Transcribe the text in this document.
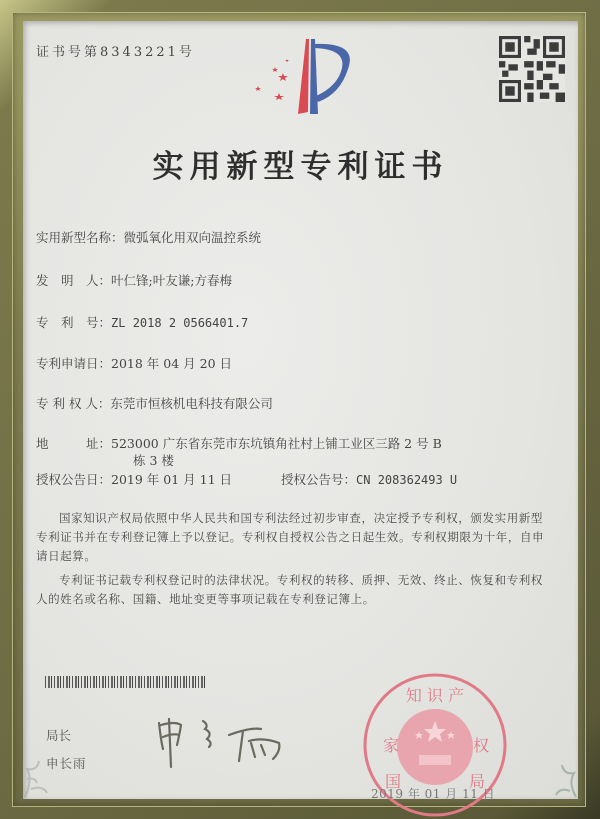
证书号第8343221号
实用新型专利证书
实用新型名称：微弧氧化用双向温控系统
发　明　人：叶仁锋;叶友谦;方春梅
专　利　号：ZL 2018 2 0566401.7
专利申请日：2018 年 04 月 20 日
专 利 权 人：东莞市恒核机电科技有限公司
地　　　址：523000 广东省东莞市东坑镇角社村上铺工业区三路 2 号 B
栋 3 楼
授权公告日：2019 年 01 月 11 日	授权公告号：CN 208362493 U
国家知识产权局依照中华人民共和国专利法经过初步审查，决定授予专利权，颁发实用新型专利证书并在专利登记簿上予以登记。专利权自授权公告之日起生效。专利权期限为十年，自申请日起算。
专利证书记载专利权登记时的法律状况。专利权的转移、质押、无效、终止、恢复和专利权人的姓名或名称、国籍、地址变更等事项记载在专利登记簿上。
局长
申长雨
知 识 产
家	权
国	局
2019 年 01 月 11 日
